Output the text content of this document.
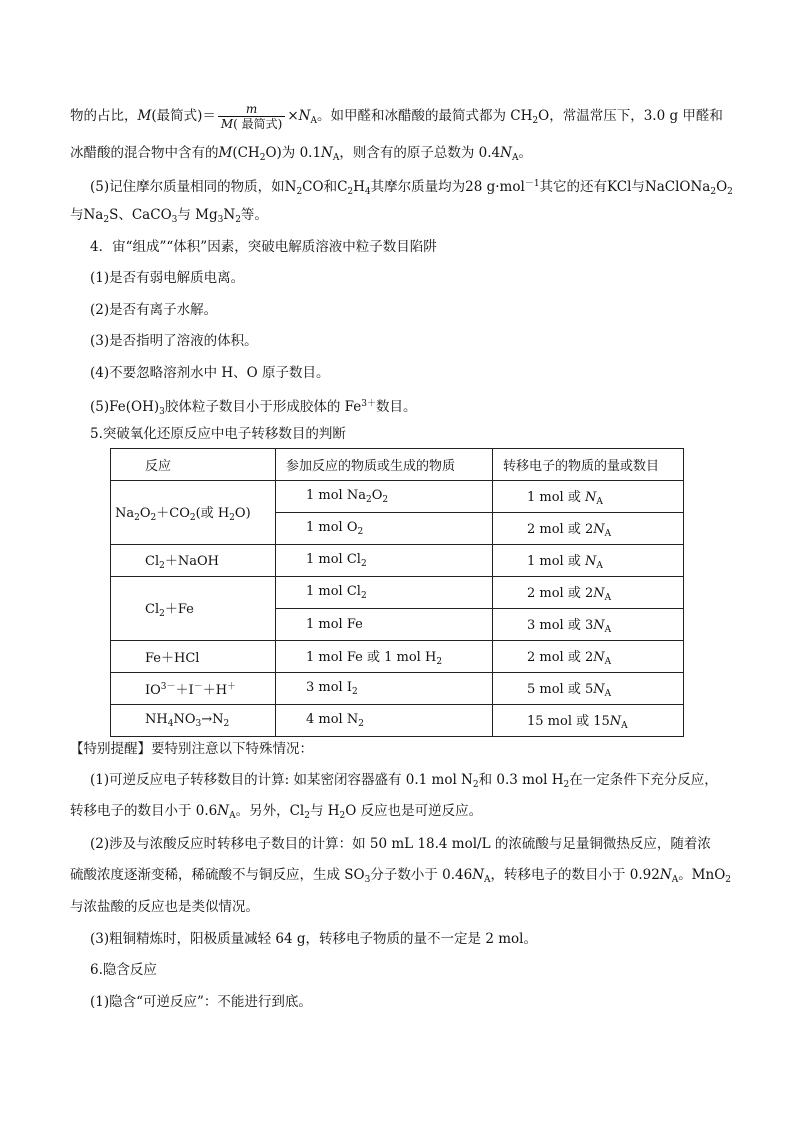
物的占比，M(最简式)＝ $\frac{m}{\text{M( 最简式)}} \times N_A$。如甲醛和冰醋酸的最简式都为 $CH_2O$，常温常压下，3.0 g 甲醛和
冰醋酸的混合物中含有的$M(CH_2O)$为 $0.1N_A$，则含有的原子总数为 $0.4N_A$。
(5)记住摩尔质量相同的物质，如$N_2CO$和$C_2H_4$其摩尔质量均为28 g·mol$^{-1}$其它的还有KCl与$NaClONa_2O_2$
与$Na_2S$、CaCO$_3$与 $Mg_3N_2$等。
4．宙“组成”“体积”因素，突破电解质溶液中粒子数目陷阱
(1)是否有弱电解质电离。
(2)是否有离子水解。
(3)是否指明了溶液的体积。
(4)不要忽略溶剂水中 H、O 原子数目。
$(5)Fe(OH)_3$胶体粒子数目小于形成胶体的 $Fe^{3+}$数目。
5.突破氧化还原反应中电子转移数目的判断
反应	参加反应的物质或生成的物质	转移电子的物质的量或数目
$Na_2O_2+CO_2$(或 $H_2O$)	1 mol $Na_2O_2$	1 mol 或 $N_A$
	1 mol $O_2$	2 mol 或 $2N_A$
$Cl_2+NaOH$	1 mol $Cl_2$	1 mol 或 $N_A$
$Cl_2+Fe$	1 mol $Cl_2$	2 mol 或 $2N_A$
	1 mol Fe	3 mol 或 $3N_A$
Fe＋HCl	1 mol Fe 或 1 mol $H_2$	2 mol 或 $2N_A$
$IO^{3-}+I^-+H^+$	3 mol $I_2$	5 mol 或 $5N_A$
$NH_4NO_3\to N_2$	4 mol $N_2$	15 mol 或 $15N_A$
【特别提醒】要特别注意以下特殊情况：
(1)可逆反应电子转移数目的计算: 如某密闭容器盛有 0.1 mol $N_2$和 0.3 mol $H_2$在一定条件下充分反应，
转移电子的数目小于 $0.6N_A$。另外，$Cl_2$与 $H_2O$ 反应也是可逆反应。
(2)涉及与浓酸反应时转移电子数目的计算：如 50 mL 18.4 mol/L 的浓硫酸与足量铜微热反应，随着浓
硫酸浓度逐渐变稀，稀硫酸不与铜反应，生成 $SO_3$分子数小于 $0.46N_A$，转移电子的数目小于 $0.92N_A$。MnO$_2$
与浓盐酸的反应也是类似情况。
(3)粗铜精炼时，阳极质量减轻 64 g，转移电子物质的量不一定是 2 mol。
6.隐含反应
(1)隐含“可逆反应”：不能进行到底。
